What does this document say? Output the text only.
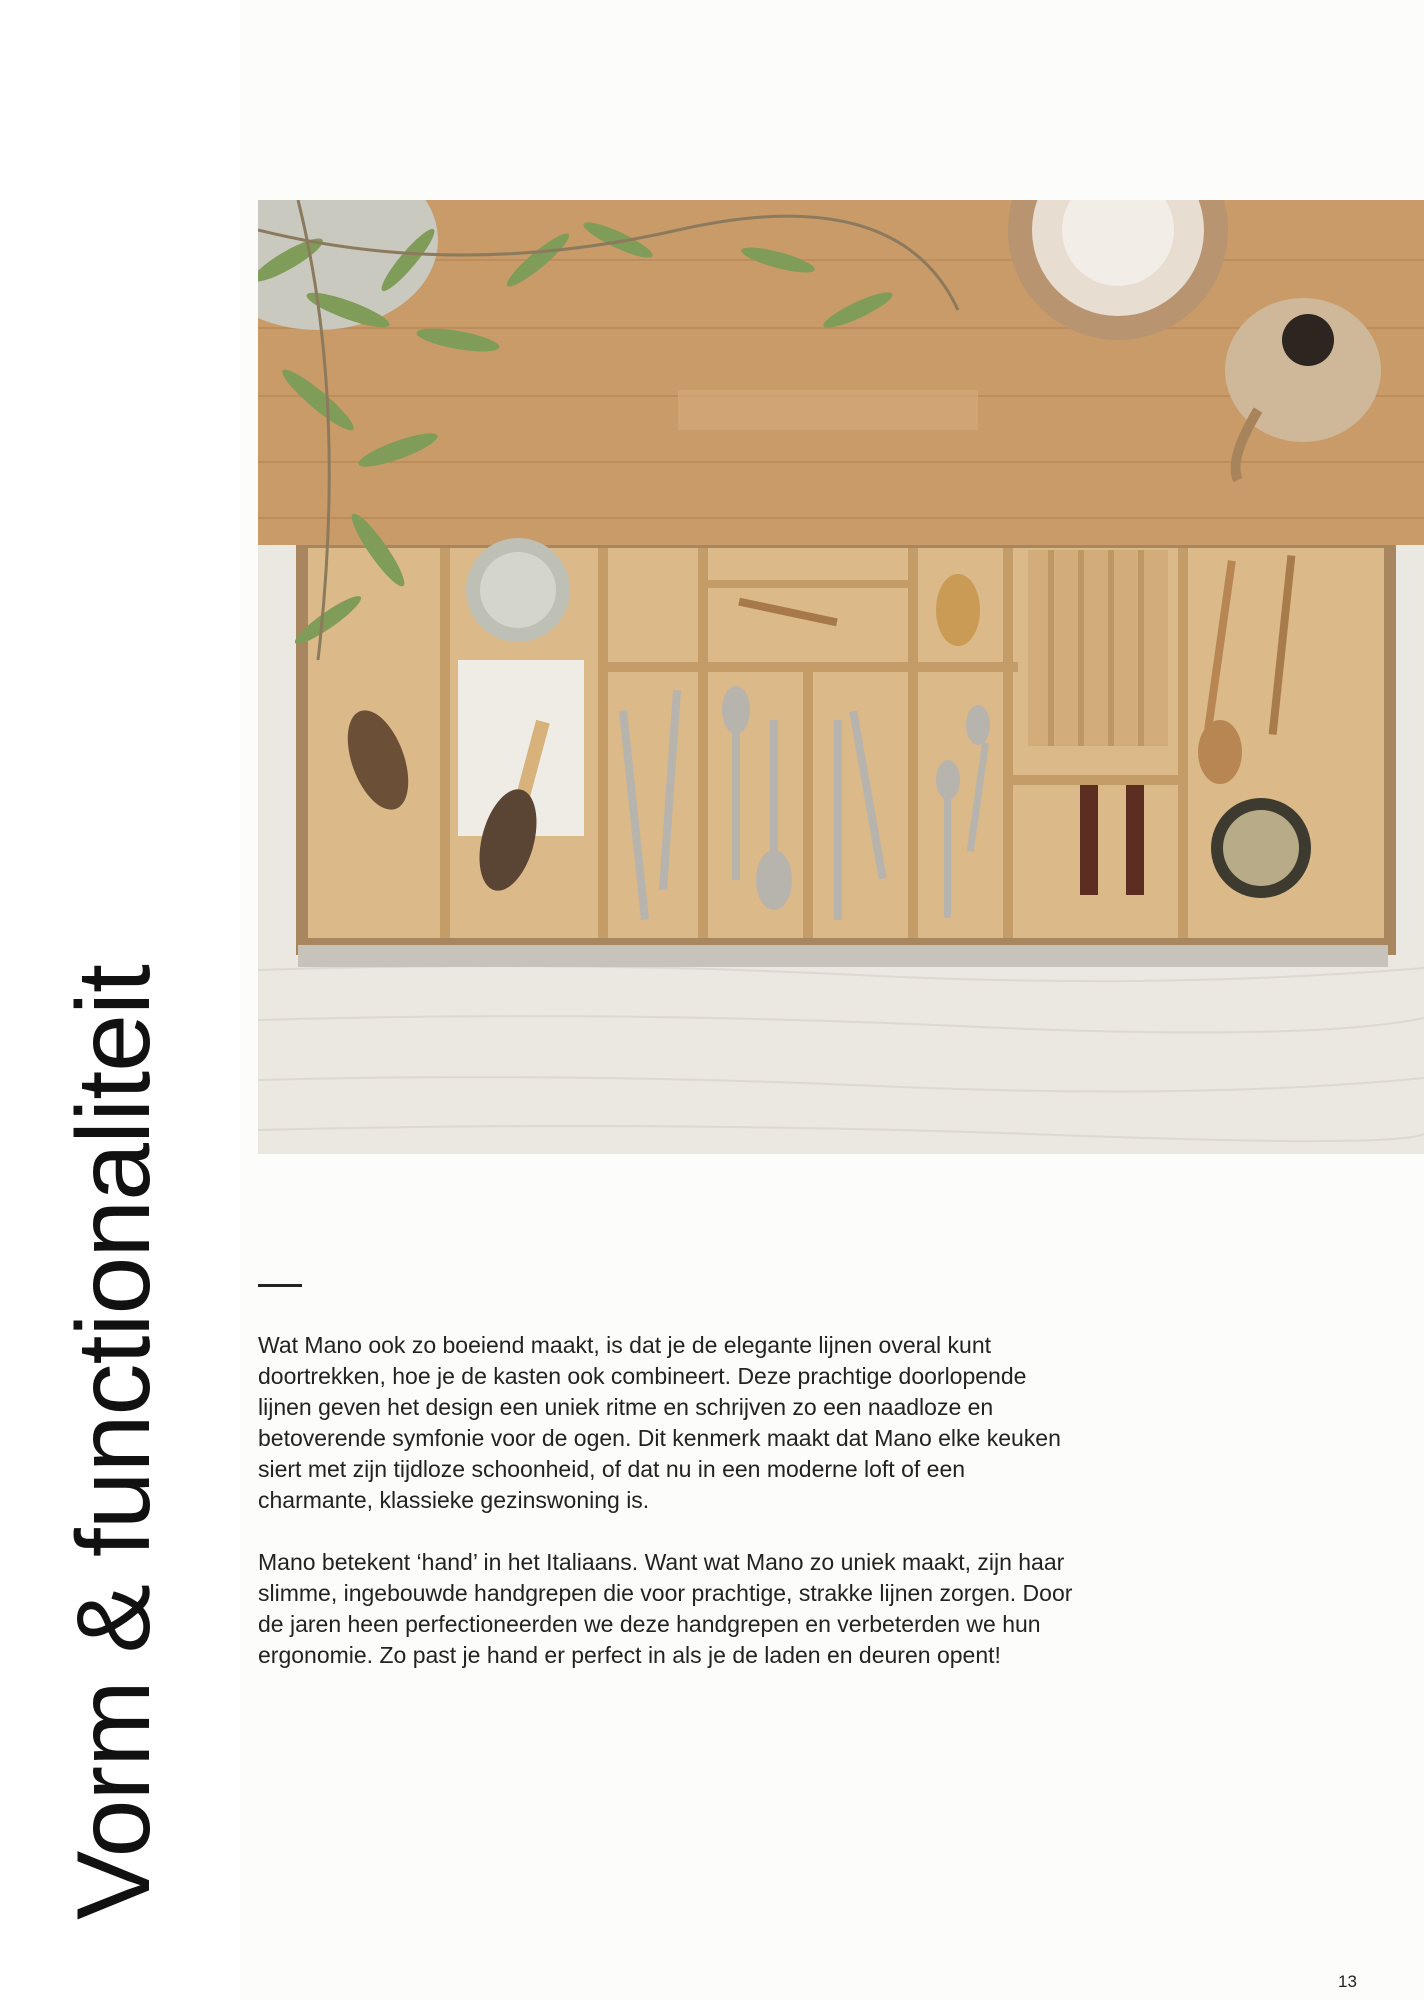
Vorm & functionaliteit	Wat Mano ook zo boeiend maakt, is dat je de elegante lijnen overal kunt doortrekken, hoe je de kasten ook combineert. Deze prachtige doorlopende lijnen geven het design een uniek ritme en schrijven zo een naadloze en betoverende symfonie voor de ogen. Dit kenmerk maakt dat Mano elke keuken siert met zijn tijdloze schoonheid, of dat nu in een moderne loft of een charmante, klassieke gezinswoning is.

Mano betekent ‘hand’ in het Italiaans. Want wat Mano zo uniek maakt, zijn haar slimme, ingebouwde handgrepen die voor prachtige, strakke lijnen zorgen. Door de jaren heen perfectioneerden we deze handgrepen en verbeterden we hun ergonomie. Zo past je hand er perfect in als je de laden en deuren opent!

13
